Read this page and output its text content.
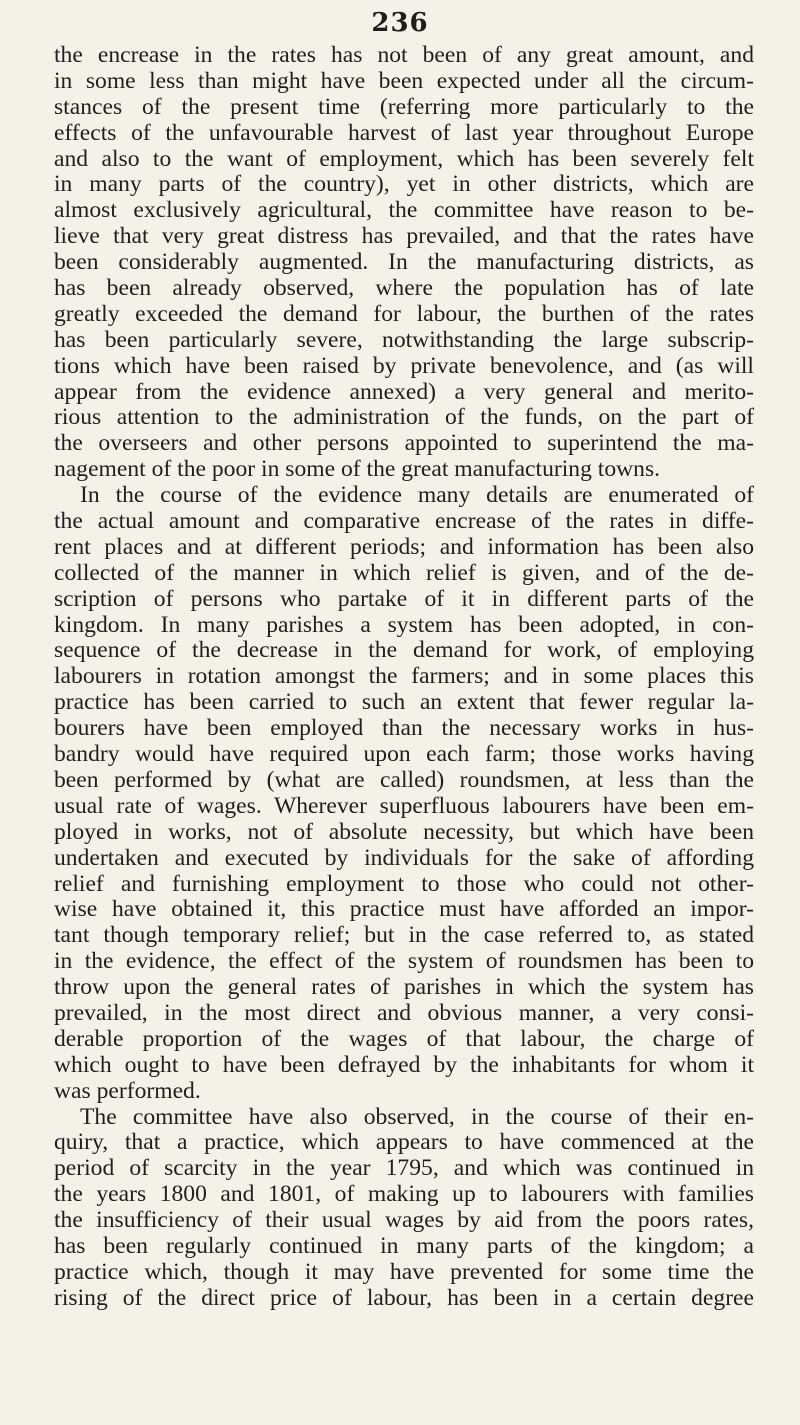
236
the encrease in the rates has not been of any great amount, and
in some less than might have been expected under all the circum-
stances of the present time (referring more particularly to the
effects of the unfavourable harvest of last year throughout Europe
and also to the want of employment, which has been severely felt
in many parts of the country), yet in other districts, which are
almost exclusively agricultural, the committee have reason to be-
lieve that very great distress has prevailed, and that the rates have
been considerably augmented. In the manufacturing districts, as
has been already observed, where the population has of late
greatly exceeded the demand for labour, the burthen of the rates
has been particularly severe, notwithstanding the large subscrip-
tions which have been raised by private benevolence, and (as will
appear from the evidence annexed) a very general and merito-
rious attention to the administration of the funds, on the part of
the overseers and other persons appointed to superintend the ma-
nagement of the poor in some of the great manufacturing towns.
In the course of the evidence many details are enumerated of
the actual amount and comparative encrease of the rates in diffe-
rent places and at different periods; and information has been also
collected of the manner in which relief is given, and of the de-
scription of persons who partake of it in different parts of the
kingdom. In many parishes a system has been adopted, in con-
sequence of the decrease in the demand for work, of employing
labourers in rotation amongst the farmers; and in some places this
practice has been carried to such an extent that fewer regular la-
bourers have been employed than the necessary works in hus-
bandry would have required upon each farm; those works having
been performed by (what are called) roundsmen, at less than the
usual rate of wages. Wherever superfluous labourers have been em-
ployed in works, not of absolute necessity, but which have been
undertaken and executed by individuals for the sake of affording
relief and furnishing employment to those who could not other-
wise have obtained it, this practice must have afforded an impor-
tant though temporary relief; but in the case referred to, as stated
in the evidence, the effect of the system of roundsmen has been to
throw upon the general rates of parishes in which the system has
prevailed, in the most direct and obvious manner, a very consi-
derable proportion of the wages of that labour, the charge of
which ought to have been defrayed by the inhabitants for whom it
was performed.
The committee have also observed, in the course of their en-
quiry, that a practice, which appears to have commenced at the
period of scarcity in the year 1795, and which was continued in
the years 1800 and 1801, of making up to labourers with families
the insufficiency of their usual wages by aid from the poors rates,
has been regularly continued in many parts of the kingdom; a
practice which, though it may have prevented for some time the
rising of the direct price of labour, has been in a certain degree
